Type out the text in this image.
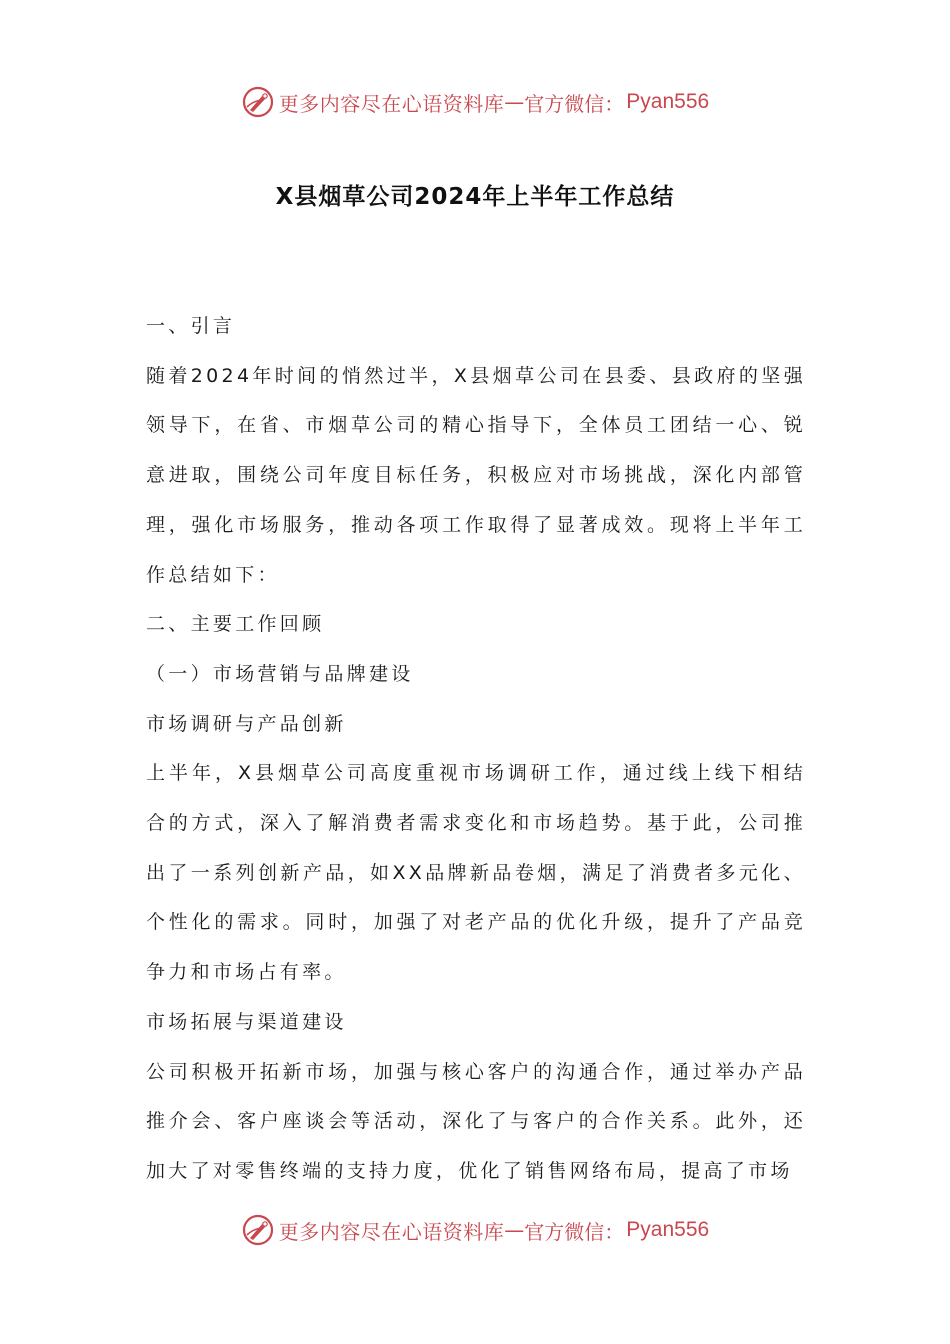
更多内容尽在心语资料库 — 官方微信： Pyan556
X县烟草公司2024年上半年工作总结
一、引言

随着2024年时间的悄然过半，X县烟草公司在县委、县政府的坚强领导下，在省、市烟草公司的精心指导下，全体员工团结一心、锐意进取，围绕公司年度目标任务，积极应对市场挑战，深化内部管理，强化市场服务，推动各项工作取得了显著成效。现将上半年工作总结如下：

二、主要工作回顾
（一）市场营销与品牌建设
市场调研与产品创新

上半年，X县烟草公司高度重视市场调研工作，通过线上线下相结合的方式，深入了解消费者需求变化和市场趋势。基于此，公司推出了一系列创新产品，如XX品牌新品卷烟，满足了消费者多元化、个性化的需求。同时，加强了对老产品的优化升级，提升了产品竞争力和市场占有率。

市场拓展与渠道建设

公司积极开拓新市场，加强与核心客户的沟通合作，通过举办产品推介会、客户座谈会等活动，深化了与客户的合作关系。此外，还加大了对零售终端的支持力度，优化了销售网络布局，提高了市场

更多内容尽在心语资料库 — 官方微信： Pyan556
